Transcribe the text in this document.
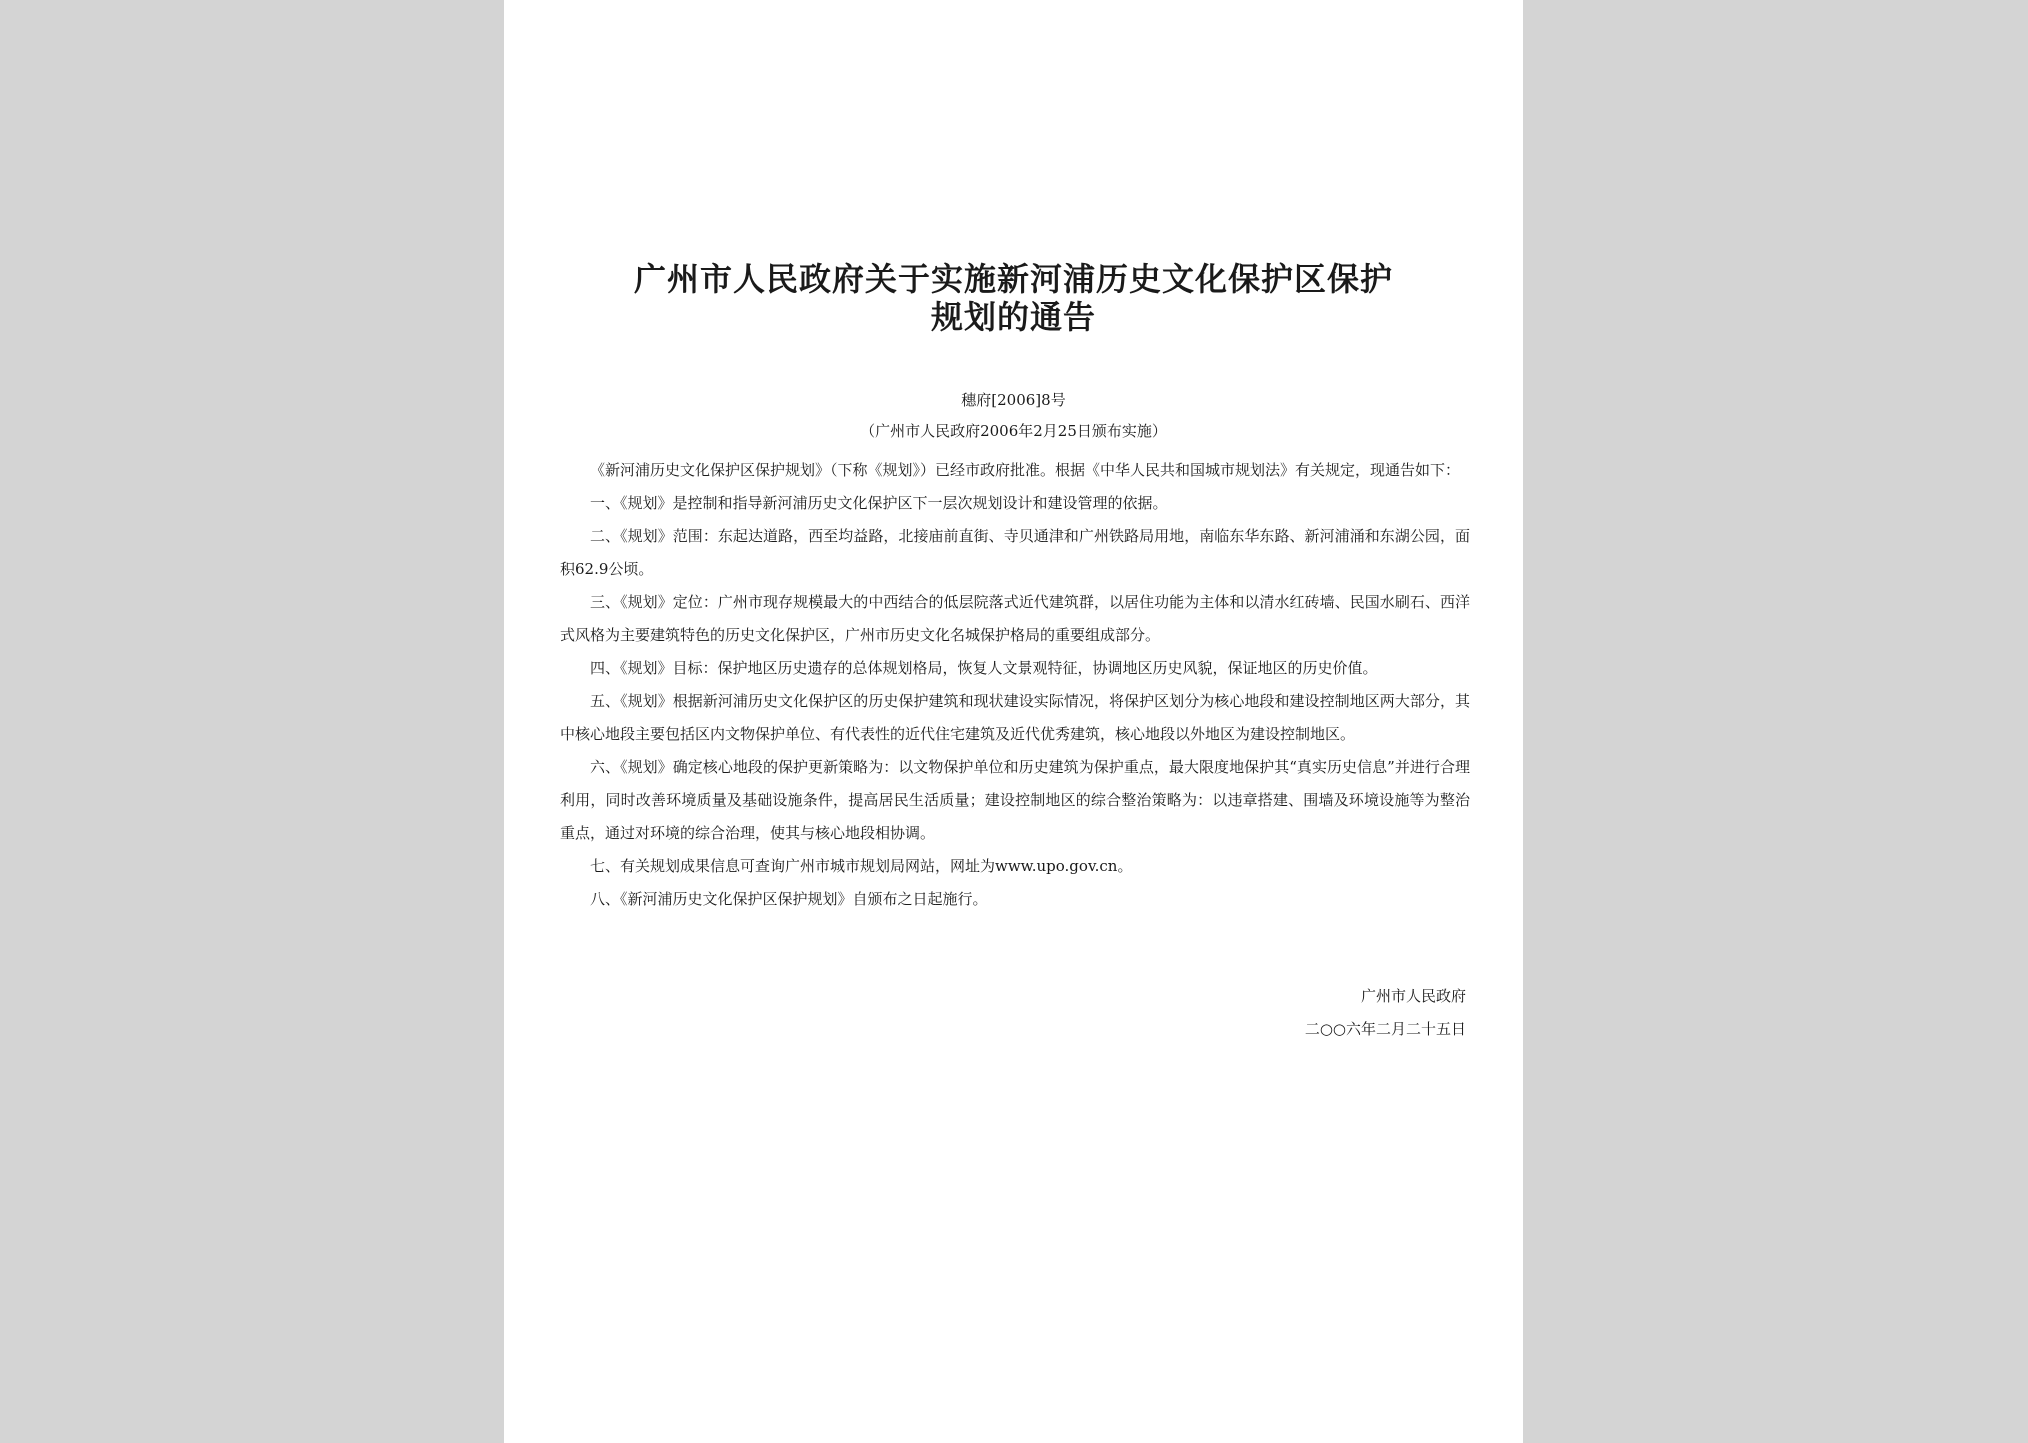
广州市人民政府关于实施新河浦历史文化保护区保护
规划的通告
穗府[2006]8号
（广州市人民政府2006年2月25日颁布实施）

《新河浦历史文化保护区保护规划》（下称《规划》）已经市政府批准。根据《中华人民共和国城市规划法》有关规定，现通告如下：

一、《规划》是控制和指导新河浦历史文化保护区下一层次规划设计和建设管理的依据。

二、《规划》范围：东起达道路，西至均益路，北接庙前直街、寺贝通津和广州铁路局用地，南临东华东路、新河浦涌和东湖公园，面积62.9公顷。

三、《规划》定位：广州市现存规模最大的中西结合的低层院落式近代建筑群，以居住功能为主体和以清水红砖墙、民国水刷石、西洋式风格为主要建筑特色的历史文化保护区，广州市历史文化名城保护格局的重要组成部分。

四、《规划》目标：保护地区历史遗存的总体规划格局，恢复人文景观特征，协调地区历史风貌，保证地区的历史价值。

五、《规划》根据新河浦历史文化保护区的历史保护建筑和现状建设实际情况，将保护区划分为核心地段和建设控制地区两大部分，其中核心地段主要包括区内文物保护单位、有代表性的近代住宅建筑及近代优秀建筑，核心地段以外地区为建设控制地区。

六、《规划》确定核心地段的保护更新策略为：以文物保护单位和历史建筑为保护重点，最大限度地保护其“真实历史信息”并进行合理利用，同时改善环境质量及基础设施条件，提高居民生活质量；建设控制地区的综合整治策略为：以违章搭建、围墙及环境设施等为整治重点，通过对环境的综合治理，使其与核心地段相协调。

七、有关规划成果信息可查询广州市城市规划局网站，网址为www.upo.gov.cn。

八、《新河浦历史文化保护区保护规划》自颁布之日起施行。

广州市人民政府
二○○六年二月二十五日
